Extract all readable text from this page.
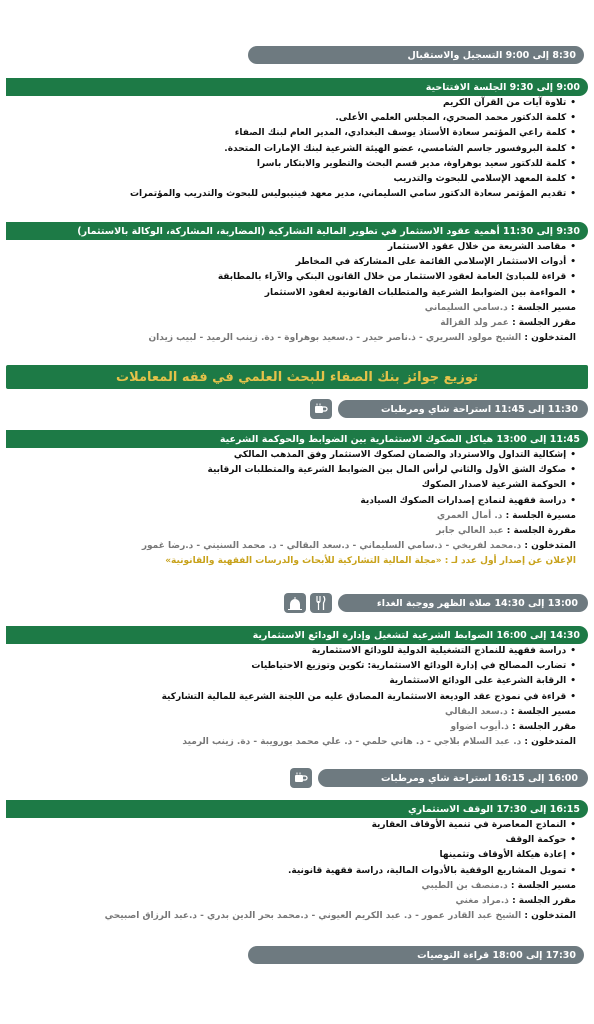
8:30 إلى 9:00 التسجيل والاستقبال
9:00 إلى 9:30 الجلسة الافتتاحية
• تلاوة آيات من القرآن الكريم
• كلمة الدكتور محمد الصحري، المجلس العلمي الأعلى.
• كلمة راعي المؤتمر سعادة الأستاذ يوسف البغدادي، المدير العام لبنك الصفاء
• كلمة البروفسور جاسم الشامسي، عضو الهيئة الشرعية لبنك الإمارات المتحدة.
• كلمة للدكتور سعيد بوهراوة، مدير قسم البحث والتطوير والابتكار باسرا
• كلمة المعهد الإسلامي للبحوث والتدريب
• تقديم المؤتمر سعادة الدكتور سامي السليماني، مدير معهد فينيبوليس للبحوث والتدريب والمؤتمرات
9:30 إلى 11:30 أهمية عقود الاستثمار في تطوير المالية التشاركية (المضاربة، المشاركة، الوكالة بالاستثمار)
• مقاصد الشريعة من خلال عقود الاستثمار
• أدوات الاستثمار الإسلامي القائمة على المشاركة في المخاطر
• قراءة للمبادئ العامة لعقود الاستثمار من خلال القانون البنكي والآراء بالمطابقة
• المواءمة بين الضوابط الشرعية والمتطلبات القانونية لعقود الاستثمار
مسير الجلسة : د.سامي السليماني
مقرر الجلسة : عمر ولد الفزالة
المتدخلون : الشيخ مولود السريري - ذ.ناصر حيدر - د.سعيد بوهراوة - دة. زينب الرميد - لبيب زيدان
توزيع جوائز بنك الصفاء للبحث العلمي في فقه المعاملات
11:30 إلى 11:45 استراحة شاي ومرطبات
11:45 إلى 13:00 هياكل الصكوك الاستثمارية بين الضوابط والحوكمة الشرعية
• إشكالية التداول والاسترداد والضمان لصكوك الاستثمار وفق المذهب المالكي
• صكوك الشق الأول والثاني لرأس المال بين الضوابط الشرعية والمتطلبات الرقابية
• الحوكمة الشرعية لاصدار الصكوك
• دراسة فقهية لنماذج إصدارات الصكوك السيادية
مسيرة الجلسة : د. أمال العمري
مقررة الجلسة : عبد العالي جابر
المتدخلون : د.محمد لفريخي - ذ.سامي السليماني - د.سعد البقالي - د. محمد السنيني - د.رضا غمور
الإعلان عن إصدار أول عدد لـ : «مجلة المالية التشاركية للأبحاث والدرسات الفقهية والقانونية»
13:00 إلى 14:30 صلاة الظهر ووجبة الغداء
14:30 إلى 16:00 الضوابط الشرعية لتشغيل وإدارة الودائع الاستثمارية
• دراسة فقهية للنماذج التشغيلية الدولية للودائع الاستثمارية
• تضارب المصالح في إدارة الودائع الاستثمارية: تكوين وتوزيع الاحتياطيات
• الرقابة الشرعية على الودائع الاستثمارية
• قراءة في نموذج عقد الوديعة الاستثمارية المصادق عليه من اللجنة الشرعية للمالية التشاركية
مسير الجلسة : د.سعد البقالي
مقرر الجلسة : ذ.أيوب اضواو
المتدخلون : د. عبد السلام بلاجي - د. هاني حلمي - د. علي محمد بورويبة - دة. زينب الرميد
16:00 إلى 16:15 استراحة شاي ومرطبات
16:15 إلى 17:30 الوقف الاستثماري
• النماذج المعاصرة في تنمية الأوقاف العقارية
• حوكمة الوقف
• إعادة هيكلة الأوقاف وتثمينها
• تمويل المشاريع الوقفية بالأدوات المالية، دراسة فقهية قانونية.
مسير الجلسة : د.منصف بن الطيبي
مقرر الجلسة : ذ.مراد مغني
المتدخلون : الشيخ عبد القادر عمور - د. عبد الكريم العيوني - د.محمد بحر الدين بدري - د.عبد الرزاق اصبيحي
17:30 إلى 18:00 قراءة التوصيات
